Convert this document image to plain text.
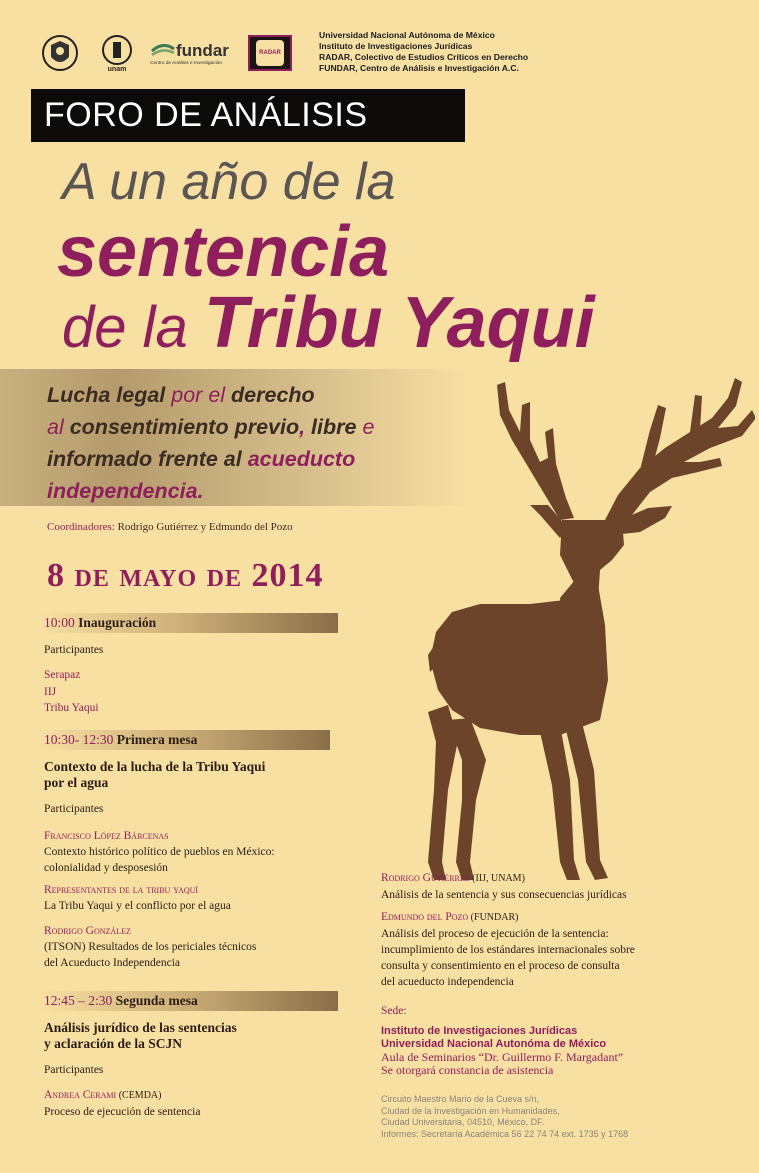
unam
fundar
Centro de Análisis e Investigación
RADAR
Universidad Nacional Autónoma de México
Instituto de Investigaciones Jurídicas
RADAR, Colectivo de Estudios Críticos en Derecho
FUNDAR, Centro de Análisis e Investigación A.C.
FORO DE ANÁLISIS
A un año de la
sentencia
de la Tribu Yaqui
Lucha legal por el derecho
al consentimiento previo, libre e
informado frente al acueducto
independencia.
Coordinadores: Rodrigo Gutiérrez y Edmundo del Pozo
8 de mayo de 2014
10:00 Inauguración
Participantes
Serapaz
IIJ
Tribu Yaqui
10:30- 12:30 Primera mesa
Contexto de la lucha de la Tribu Yaqui
por el agua
Participantes
Francisco López Bárcenas
Contexto histórico político de pueblos en México:
colonialidad y desposesión
Representantes de la tribu yaquí
La Tribu Yaqui y el conflicto por el agua
Rodrigo González
(ITSON) Resultados de los periciales técnicos
del Acueducto Independencia
12:45 – 2:30 Segunda mesa
Análisis jurídico de las sentencias
y aclaración de la SCJN
Participantes
Andrea Cerami (CEMDA)
Proceso de ejecución de sentencia
Rodrigo Gutiérrez (IIJ, UNAM)
Análisis de la sentencia y sus consecuencias jurídicas
Edmundo del Pozo (FUNDAR)
Análisis del proceso de ejecución de la sentencia:
incumplimiento de los estándares internacionales sobre
consulta y consentimiento en el proceso de consulta
del acueducto independencia
Sede:
Instituto de Investigaciones Jurídicas
Universidad Nacional Autonóma de México
Aula de Seminarios “Dr. Guillermo F. Margadant”
Se otorgará constancia de asistencia
Circuito Maestro Mario de la Cueva s/n,
Ciudad de la Investigación en Humanidades,
Ciudad Universitaria, 04510, México, DF.
Informes: Secretaría Académica 56 22 74 74 ext. 1735 y 1768
